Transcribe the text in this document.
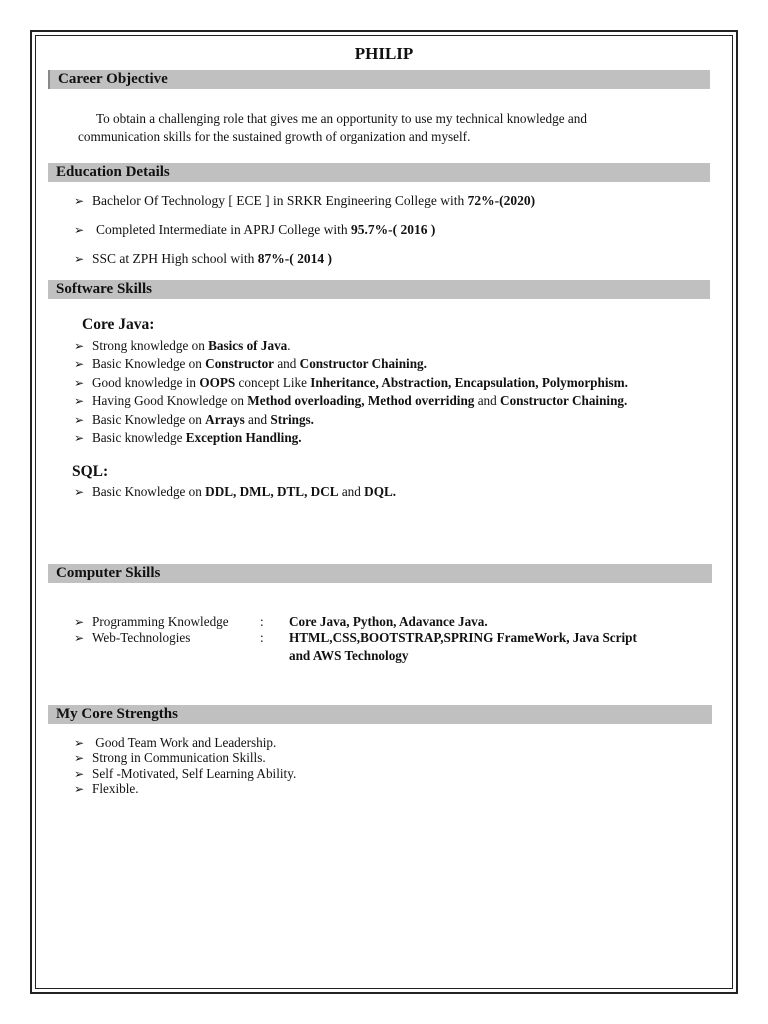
PHILIP
Career Objective
To obtain a challenging role that gives me an opportunity to use my technical knowledge and
communication skills for the sustained growth of organization and myself.
Education Details
➢ Bachelor Of Technology [ ECE ] in SRKR Engineering College with 72%-(2020)
➢ Completed Intermediate in APRJ College with 95.7%-( 2016 )
➢ SSC at ZPH High school with 87%-( 2014 )
Software Skills
Core Java:
➢ Strong knowledge on Basics of Java.
➢ Basic Knowledge on Constructor and Constructor Chaining.
➢ Good knowledge in OOPS concept Like Inheritance, Abstraction, Encapsulation, Polymorphism.
➢ Having Good Knowledge on Method overloading, Method overriding and Constructor Chaining.
➢ Basic Knowledge on Arrays and Strings.
➢ Basic knowledge Exception Handling.
SQL:
➢ Basic Knowledge on DDL, DML, DTL, DCL and DQL.
Computer Skills
➢ Programming Knowledge : Core Java, Python, Adavance Java.
➢ Web-Technologies	: HTML,CSS,BOOTSTRAP,SPRING FrameWork, Java Script
and AWS Technology
My Core Strengths
➢ Good Team Work and Leadership.
➢ Strong in Communication Skills.
➢ Self -Motivated, Self Learning Ability.
➢ Flexible.
